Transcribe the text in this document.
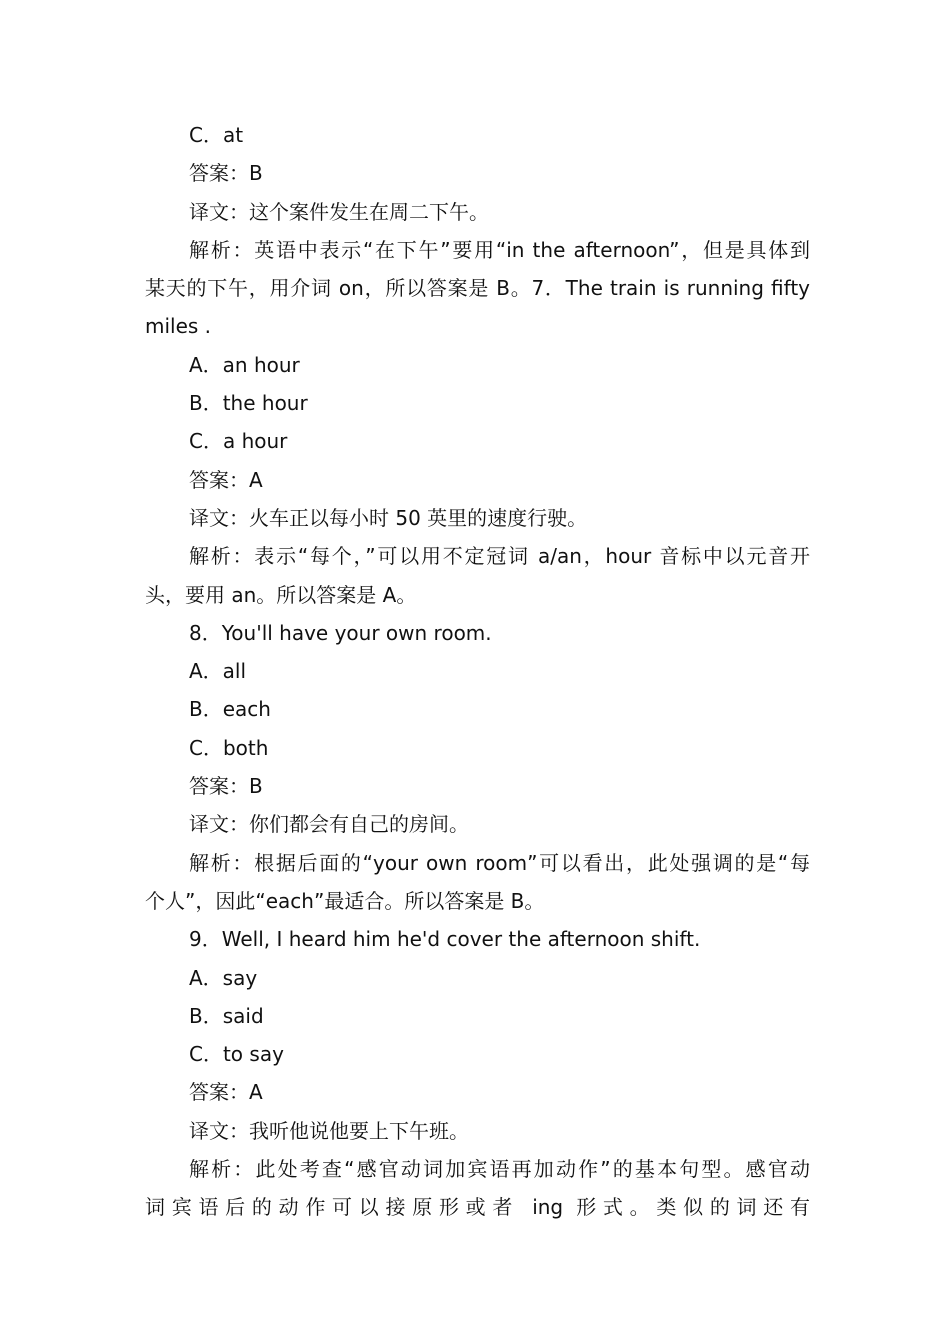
C．at
答案：B
译文：这个案件发生在周二下午。
解析：英语中表示“在下午”要用“in the afternoon”，但是具体到
某天的下午，用介词 on，所以答案是 B。7．The train is running fifty
miles .
A．an hour
B．the hour
C．a hour
答案：A
译文：火车正以每小时 50 英里的速度行驶。
解析：表示“每个，”可以用不定冠词 a/an，hour 音标中以元音开
头，要用 an。所以答案是 A。
8．You'll have your own room.
A．all
B．each
C．both
答案：B
译文：你们都会有自己的房间。
解析：根据后面的“your own room”可以看出，此处强调的是“每
个人”，因此“each”最适合。所以答案是 B。
9．Well, I heard him he'd cover the afternoon shift.
A．say
B．said
C．to say
答案：A
译文：我听他说他要上下午班。
解析：此处考查“感官动词加宾语再加动作”的基本句型。感官动
词宾语后的动作可以接原形或者 ing 形式。类似的词还有
